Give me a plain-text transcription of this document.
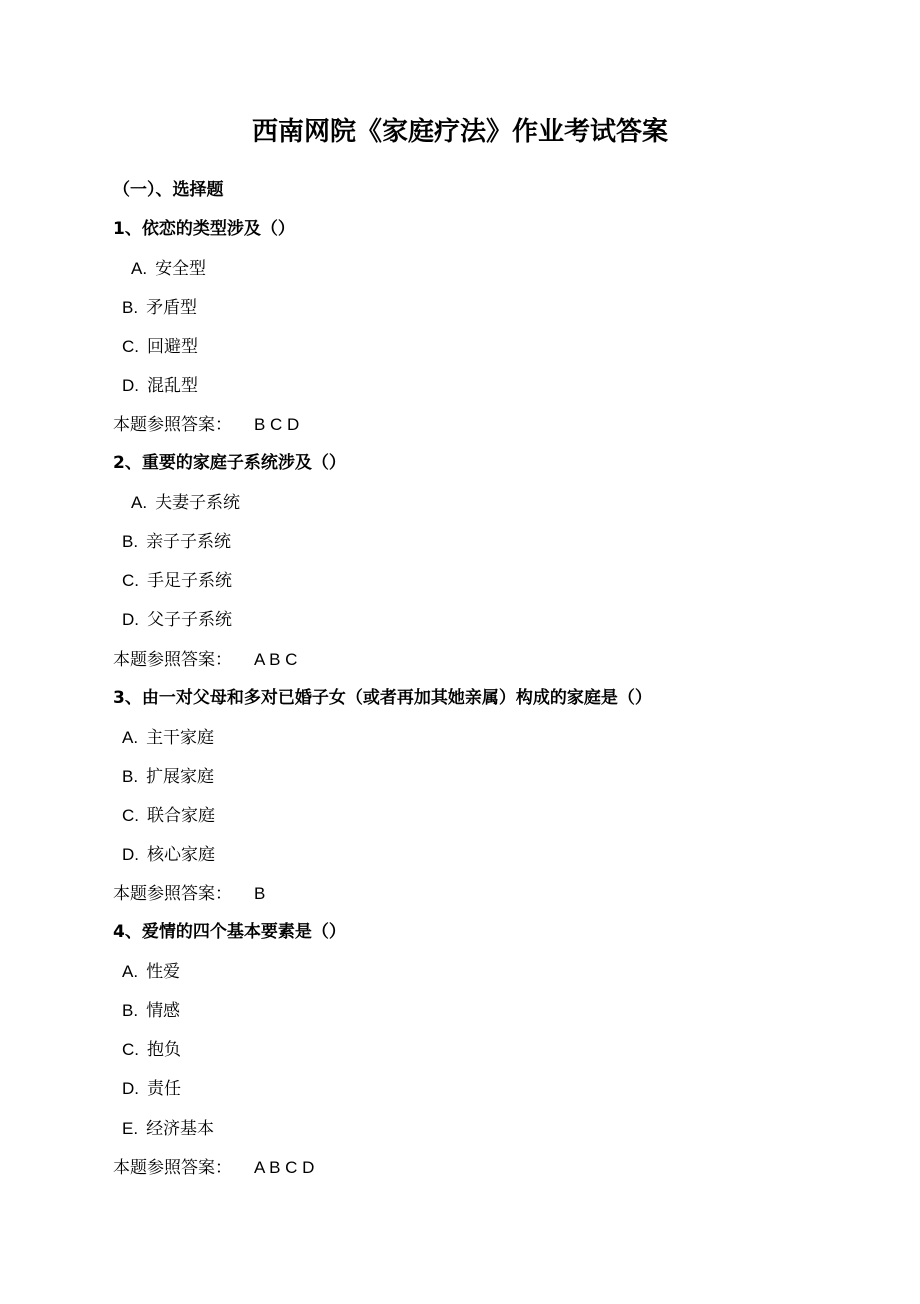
西南网院《家庭疗法》作业考试答案
（一）、选择题
1、依恋的类型涉及（）
A. 安全型
B. 矛盾型
C. 回避型
D. 混乱型
本题参照答案： B C D
2、重要的家庭子系统涉及（）
A. 夫妻子系统
B. 亲子子系统
C. 手足子系统
D. 父子子系统
本题参照答案： A B C
3、由一对父母和多对已婚子女（或者再加其她亲属）构成的家庭是（）
A. 主干家庭
B. 扩展家庭
C. 联合家庭
D. 核心家庭
本题参照答案： B
4、爱情的四个基本要素是（）
A. 性爱
B. 情感
C. 抱负
D. 责任
E. 经济基本
本题参照答案： A B C D
